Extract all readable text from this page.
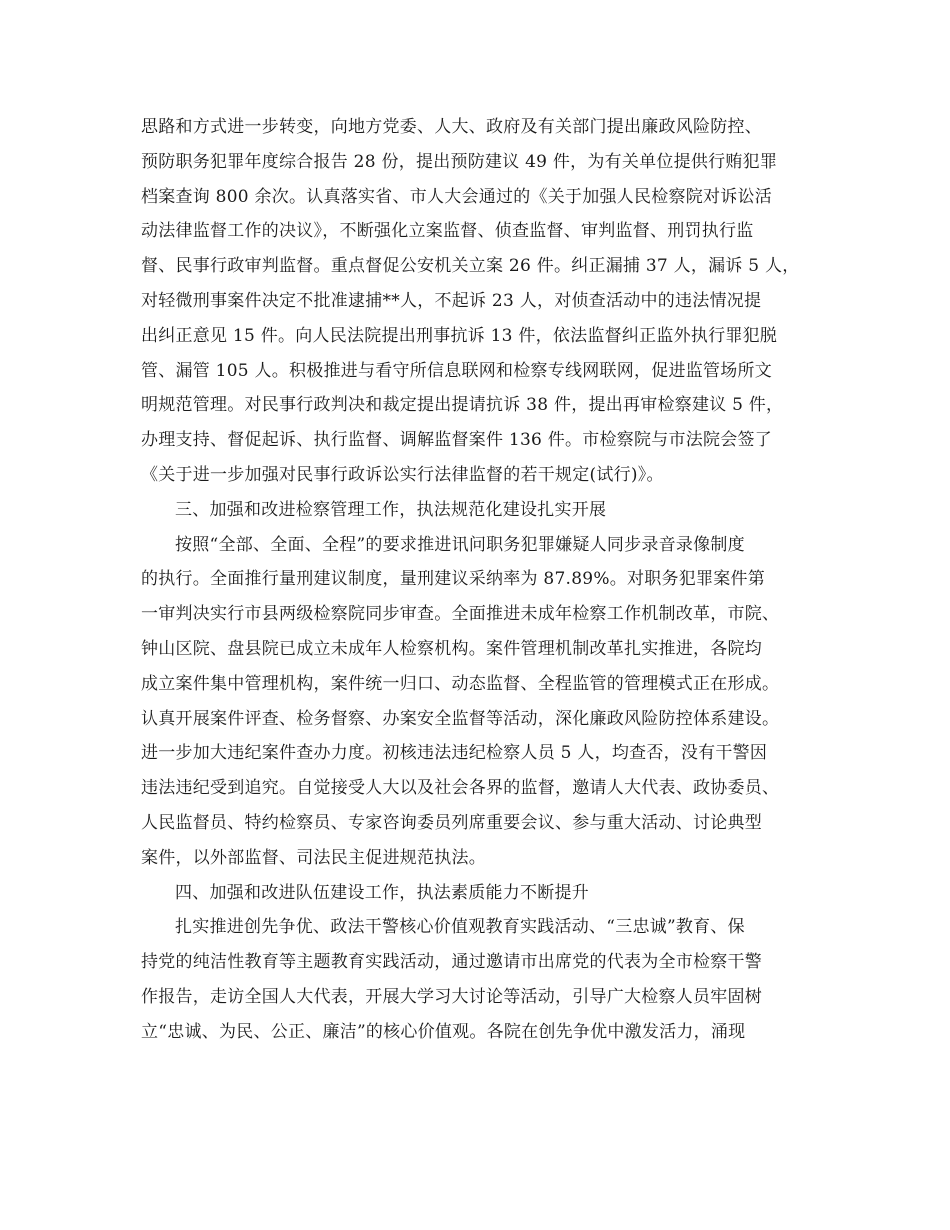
思路和方式进一步转变，向地方党委、人大、政府及有关部门提出廉政风险防控、
预防职务犯罪年度综合报告 28 份，提出预防建议 49 件，为有关单位提供行贿犯罪
档案查询 800 余次。认真落实省、市人大会通过的《关于加强人民检察院对诉讼活
动法律监督工作的决议》，不断强化立案监督、侦查监督、审判监督、刑罚执行监
督、民事行政审判监督。重点督促公安机关立案 26 件。纠正漏捕 37 人，漏诉 5 人，
对轻微刑事案件决定不批准逮捕**人，不起诉 23 人，对侦查活动中的违法情况提
出纠正意见 15 件。向人民法院提出刑事抗诉 13 件，依法监督纠正监外执行罪犯脱
管、漏管 105 人。积极推进与看守所信息联网和检察专线网联网，促进监管场所文
明规范管理。对民事行政判决和裁定提出提请抗诉 38 件，提出再审检察建议 5 件，
办理支持、督促起诉、执行监督、调解监督案件 136 件。市检察院与市法院会签了
《关于进一步加强对民事行政诉讼实行法律监督的若干规定(试行)》。
三、加强和改进检察管理工作，执法规范化建设扎实开展
按照“全部、全面、全程”的要求推进讯问职务犯罪嫌疑人同步录音录像制度
的执行。全面推行量刑建议制度，量刑建议采纳率为 87.89%。对职务犯罪案件第
一审判决实行市县两级检察院同步审查。全面推进未成年检察工作机制改革，市院、
钟山区院、盘县院已成立未成年人检察机构。案件管理机制改革扎实推进，各院均
成立案件集中管理机构，案件统一归口、动态监督、全程监管的管理模式正在形成。
认真开展案件评查、检务督察、办案安全监督等活动，深化廉政风险防控体系建设。
进一步加大违纪案件查办力度。初核违法违纪检察人员 5 人，均查否，没有干警因
违法违纪受到追究。自觉接受人大以及社会各界的监督，邀请人大代表、政协委员、
人民监督员、特约检察员、专家咨询委员列席重要会议、参与重大活动、讨论典型
案件，以外部监督、司法民主促进规范执法。
四、加强和改进队伍建设工作，执法素质能力不断提升
扎实推进创先争优、政法干警核心价值观教育实践活动、“三忠诚”教育、保
持党的纯洁性教育等主题教育实践活动，通过邀请市出席党的代表为全市检察干警
作报告，走访全国人大代表，开展大学习大讨论等活动，引导广大检察人员牢固树
立“忠诚、为民、公正、廉洁”的核心价值观。各院在创先争优中激发活力，涌现
